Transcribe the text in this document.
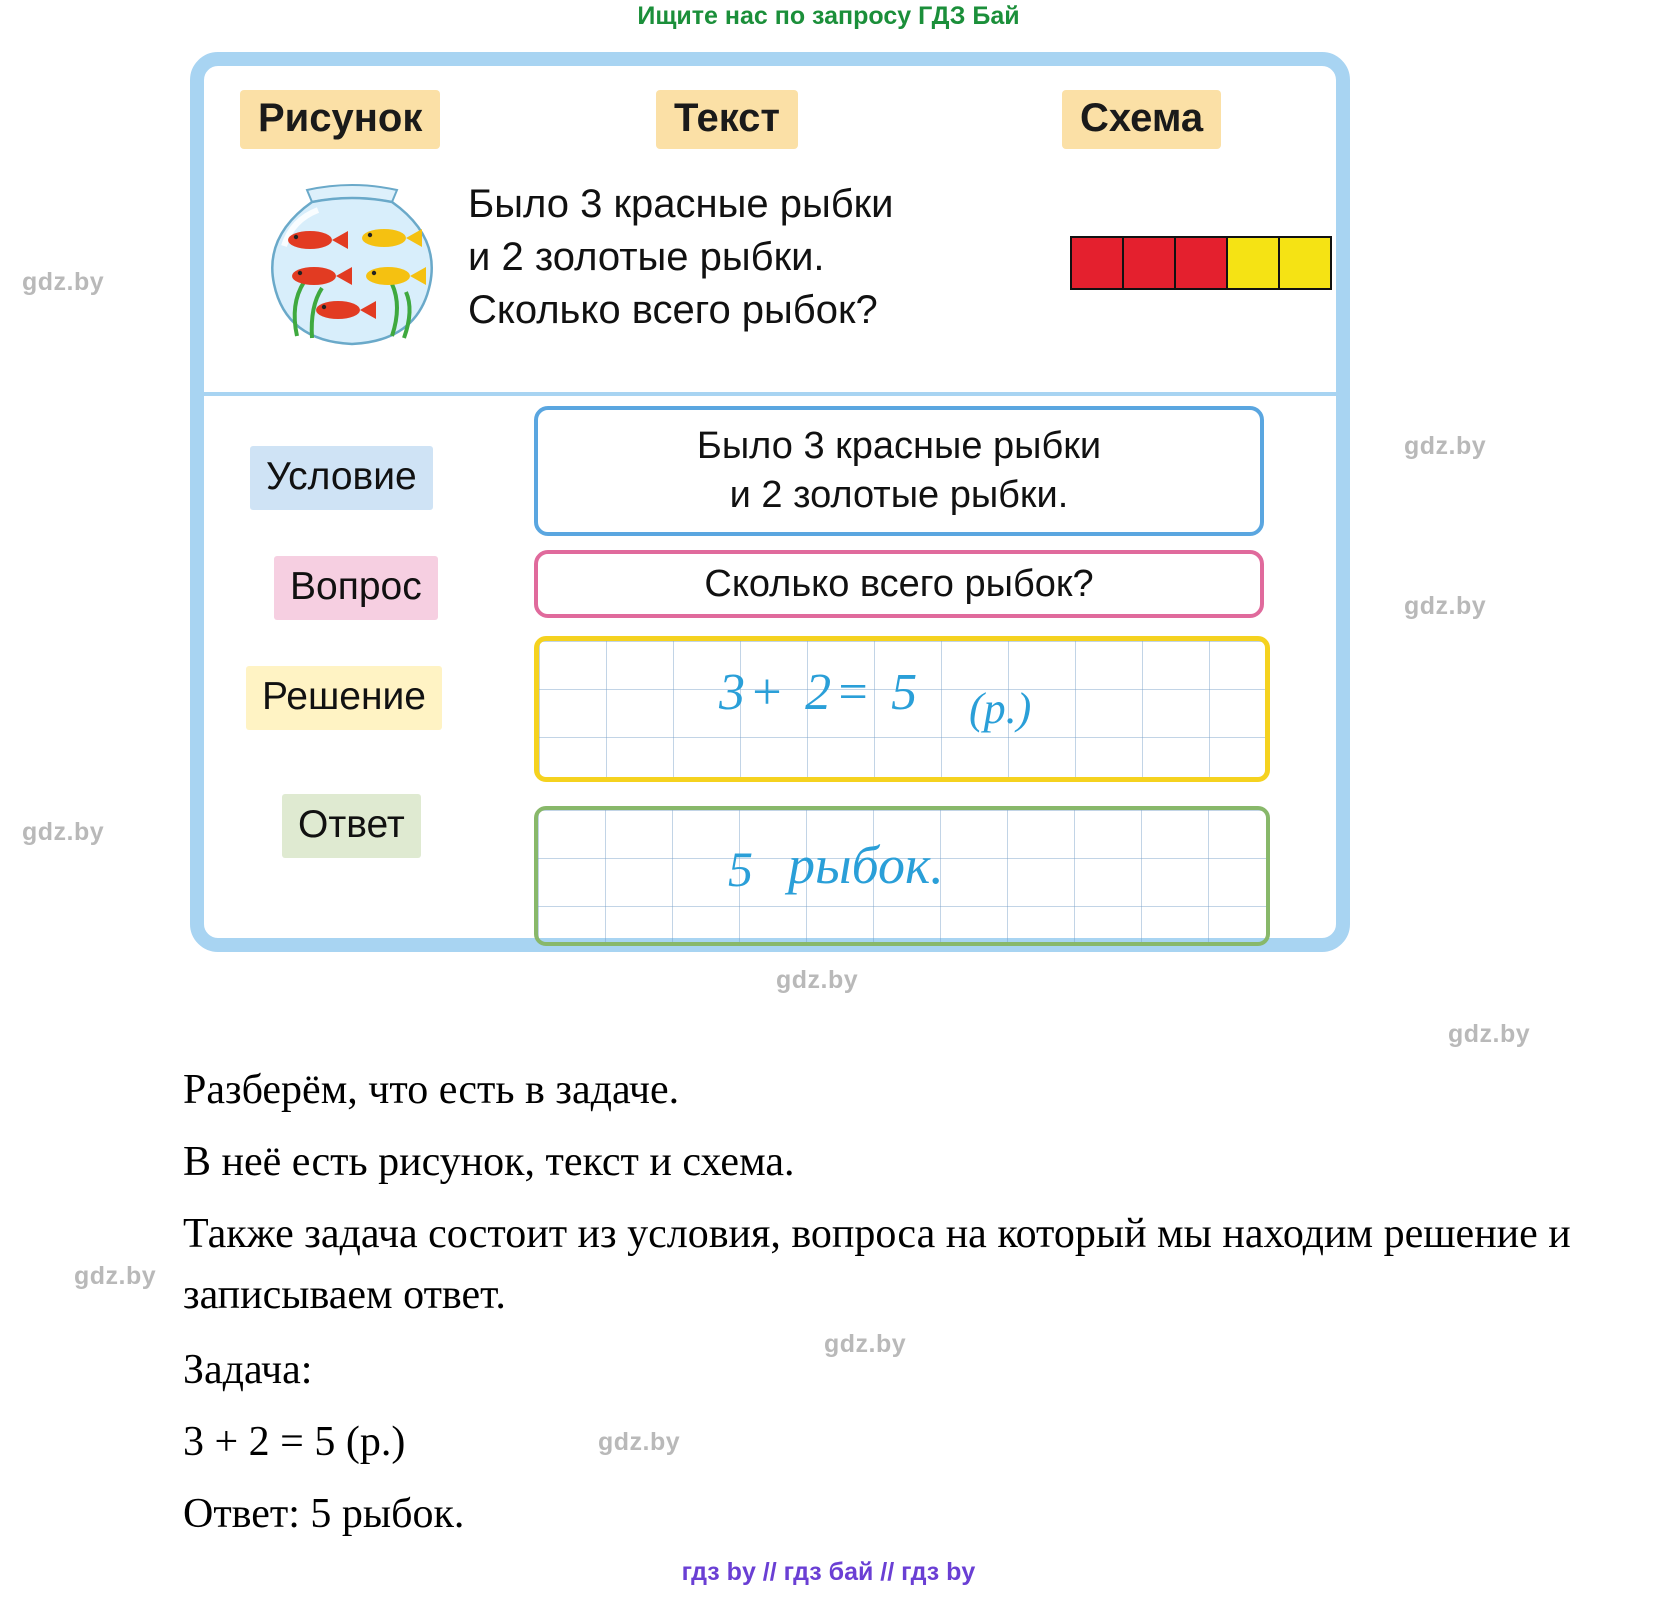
Ищите нас по запросу ГДЗ Бай
gdz.by
gdz.by
gdz.by
gdz.by
gdz.by
gdz.by
gdz.by
gdz.by
gdz.by
Рисунок	Текст	Схема
Было 3 красные рыбки
и 2 золотые рыбки.
Сколько всего рыбок?
Условие
Вопрос
Решение
Ответ
Было 3 красные рыбки
и 2 золотые рыбки.
Сколько всего рыбок?
3+ 2= 5 (р.)
5 рыбок.
Разберём, что есть в задаче.
В неё есть рисунок, текст и схема.
Также задача состоит из условия, вопроса на который мы находим решение и записываем ответ.
Задача:
3 + 2 = 5 (р.)
Ответ: 5 рыбок.
гдз by // гдз бай // гдз by
